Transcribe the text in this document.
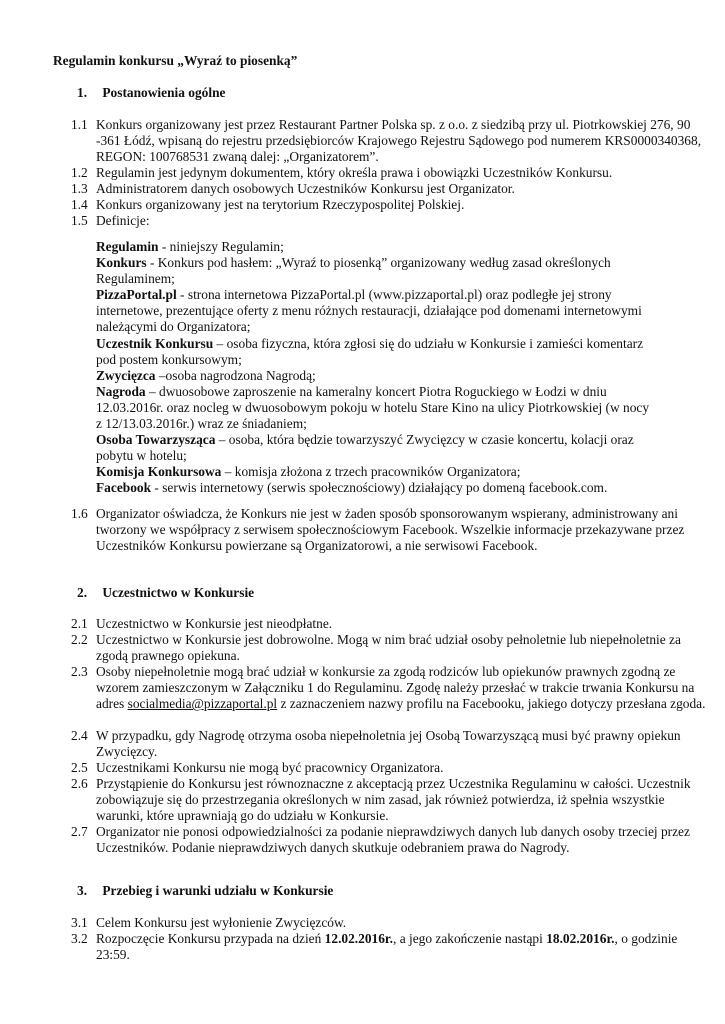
Regulamin konkursu „Wyraź to piosenką”
1. Postanowienia ogólne
1.1 Konkurs organizowany jest przez Restaurant Partner Polska sp. z o.o. z siedzibą przy ul. Piotrkowskiej 276, 90 -361 Łódź, wpisaną do rejestru przedsiębiorców Krajowego Rejestru Sądowego pod numerem KRS0000340368, REGON: 100768531 zwaną dalej: „Organizatorem”.
1.2 Regulamin jest jedynym dokumentem, który określa prawa i obowiązki Uczestników Konkursu.
1.3 Administratorem danych osobowych Uczestników Konkursu jest Organizator.
1.4 Konkurs organizowany jest na terytorium Rzeczypospolitej Polskiej.
1.5 Definicje:

Regulamin - niniejszy Regulamin;

Konkurs - Konkurs pod hasłem: „Wyraź to piosenką” organizowany według zasad określonych Regulaminem;

PizzaPortal.pl - strona internetowa PizzaPortal.pl (www.pizzaportal.pl) oraz podległe jej strony internetowe, prezentujące oferty z menu różnych restauracji, działające pod domenami internetowymi należącymi do Organizatora;

Uczestnik Konkursu – osoba fizyczna, która zgłosi się do udziału w Konkursie i zamieści komentarz pod postem konkursowym;

Zwycięzca –osoba nagrodzona Nagrodą;

Nagroda – dwuosobowe zaproszenie na kameralny koncert Piotra Roguckiego w Łodzi w dniu 12.03.2016r. oraz nocleg w dwuosobowym pokoju w hotelu Stare Kino na ulicy Piotrkowskiej (w nocy z 12/13.03.2016r.) wraz ze śniadaniem;

Osoba Towarzysząca – osoba, która będzie towarzyszyć Zwycięzcy w czasie koncertu, kolacji oraz pobytu w hotelu;

Komisja Konkursowa – komisja złożona z trzech pracowników Organizatora;

Facebook - serwis internetowy (serwis społecznościowy) działający po domeną facebook.com.

1.6 Organizator oświadcza, że Konkurs nie jest w żaden sposób sponsorowanym wspierany, administrowany ani tworzony we współpracy z serwisem społecznościowym Facebook. Wszelkie informacje przekazywane przez Uczestników Konkursu powierzane są Organizatorowi, a nie serwisowi Facebook.
2. Uczestnictwo w Konkursie
2.1 Uczestnictwo w Konkursie jest nieodpłatne.
2.2 Uczestnictwo w Konkursie jest dobrowolne. Mogą w nim brać udział osoby pełnoletnie lub niepełnoletnie za zgodą prawnego opiekuna.
2.3 Osoby niepełnoletnie mogą brać udział w konkursie za zgodą rodziców lub opiekunów prawnych zgodną ze wzorem zamieszczonym w Załączniku 1 do Regulaminu. Zgodę należy przesłać w trakcie trwania Konkursu na adres socialmedia@pizzaportal.pl z zaznaczeniem nazwy profilu na Facebooku, jakiego dotyczy przesłana zgoda.
2.4 W przypadku, gdy Nagrodę otrzyma osoba niepełnoletnia jej Osobą Towarzyszącą musi być prawny opiekun Zwycięzcy.
2.5 Uczestnikami Konkursu nie mogą być pracownicy Organizatora.
2.6 Przystąpienie do Konkursu jest równoznaczne z akceptacją przez Uczestnika Regulaminu w całości. Uczestnik zobowiązuje się do przestrzegania określonych w nim zasad, jak również potwierdza, iż spełnia wszystkie warunki, które uprawniają go do udziału w Konkursie.
2.7 Organizator nie ponosi odpowiedzialności za podanie nieprawdziwych danych lub danych osoby trzeciej przez Uczestników. Podanie nieprawdziwych danych skutkuje odebraniem prawa do Nagrody.
3. Przebieg i warunki udziału w Konkursie
3.1 Celem Konkursu jest wyłonienie Zwycięzców.
3.2 Rozpoczęcie Konkursu przypada na dzień 12.02.2016r., a jego zakończenie nastąpi 18.02.2016r., o godzinie 23:59.
